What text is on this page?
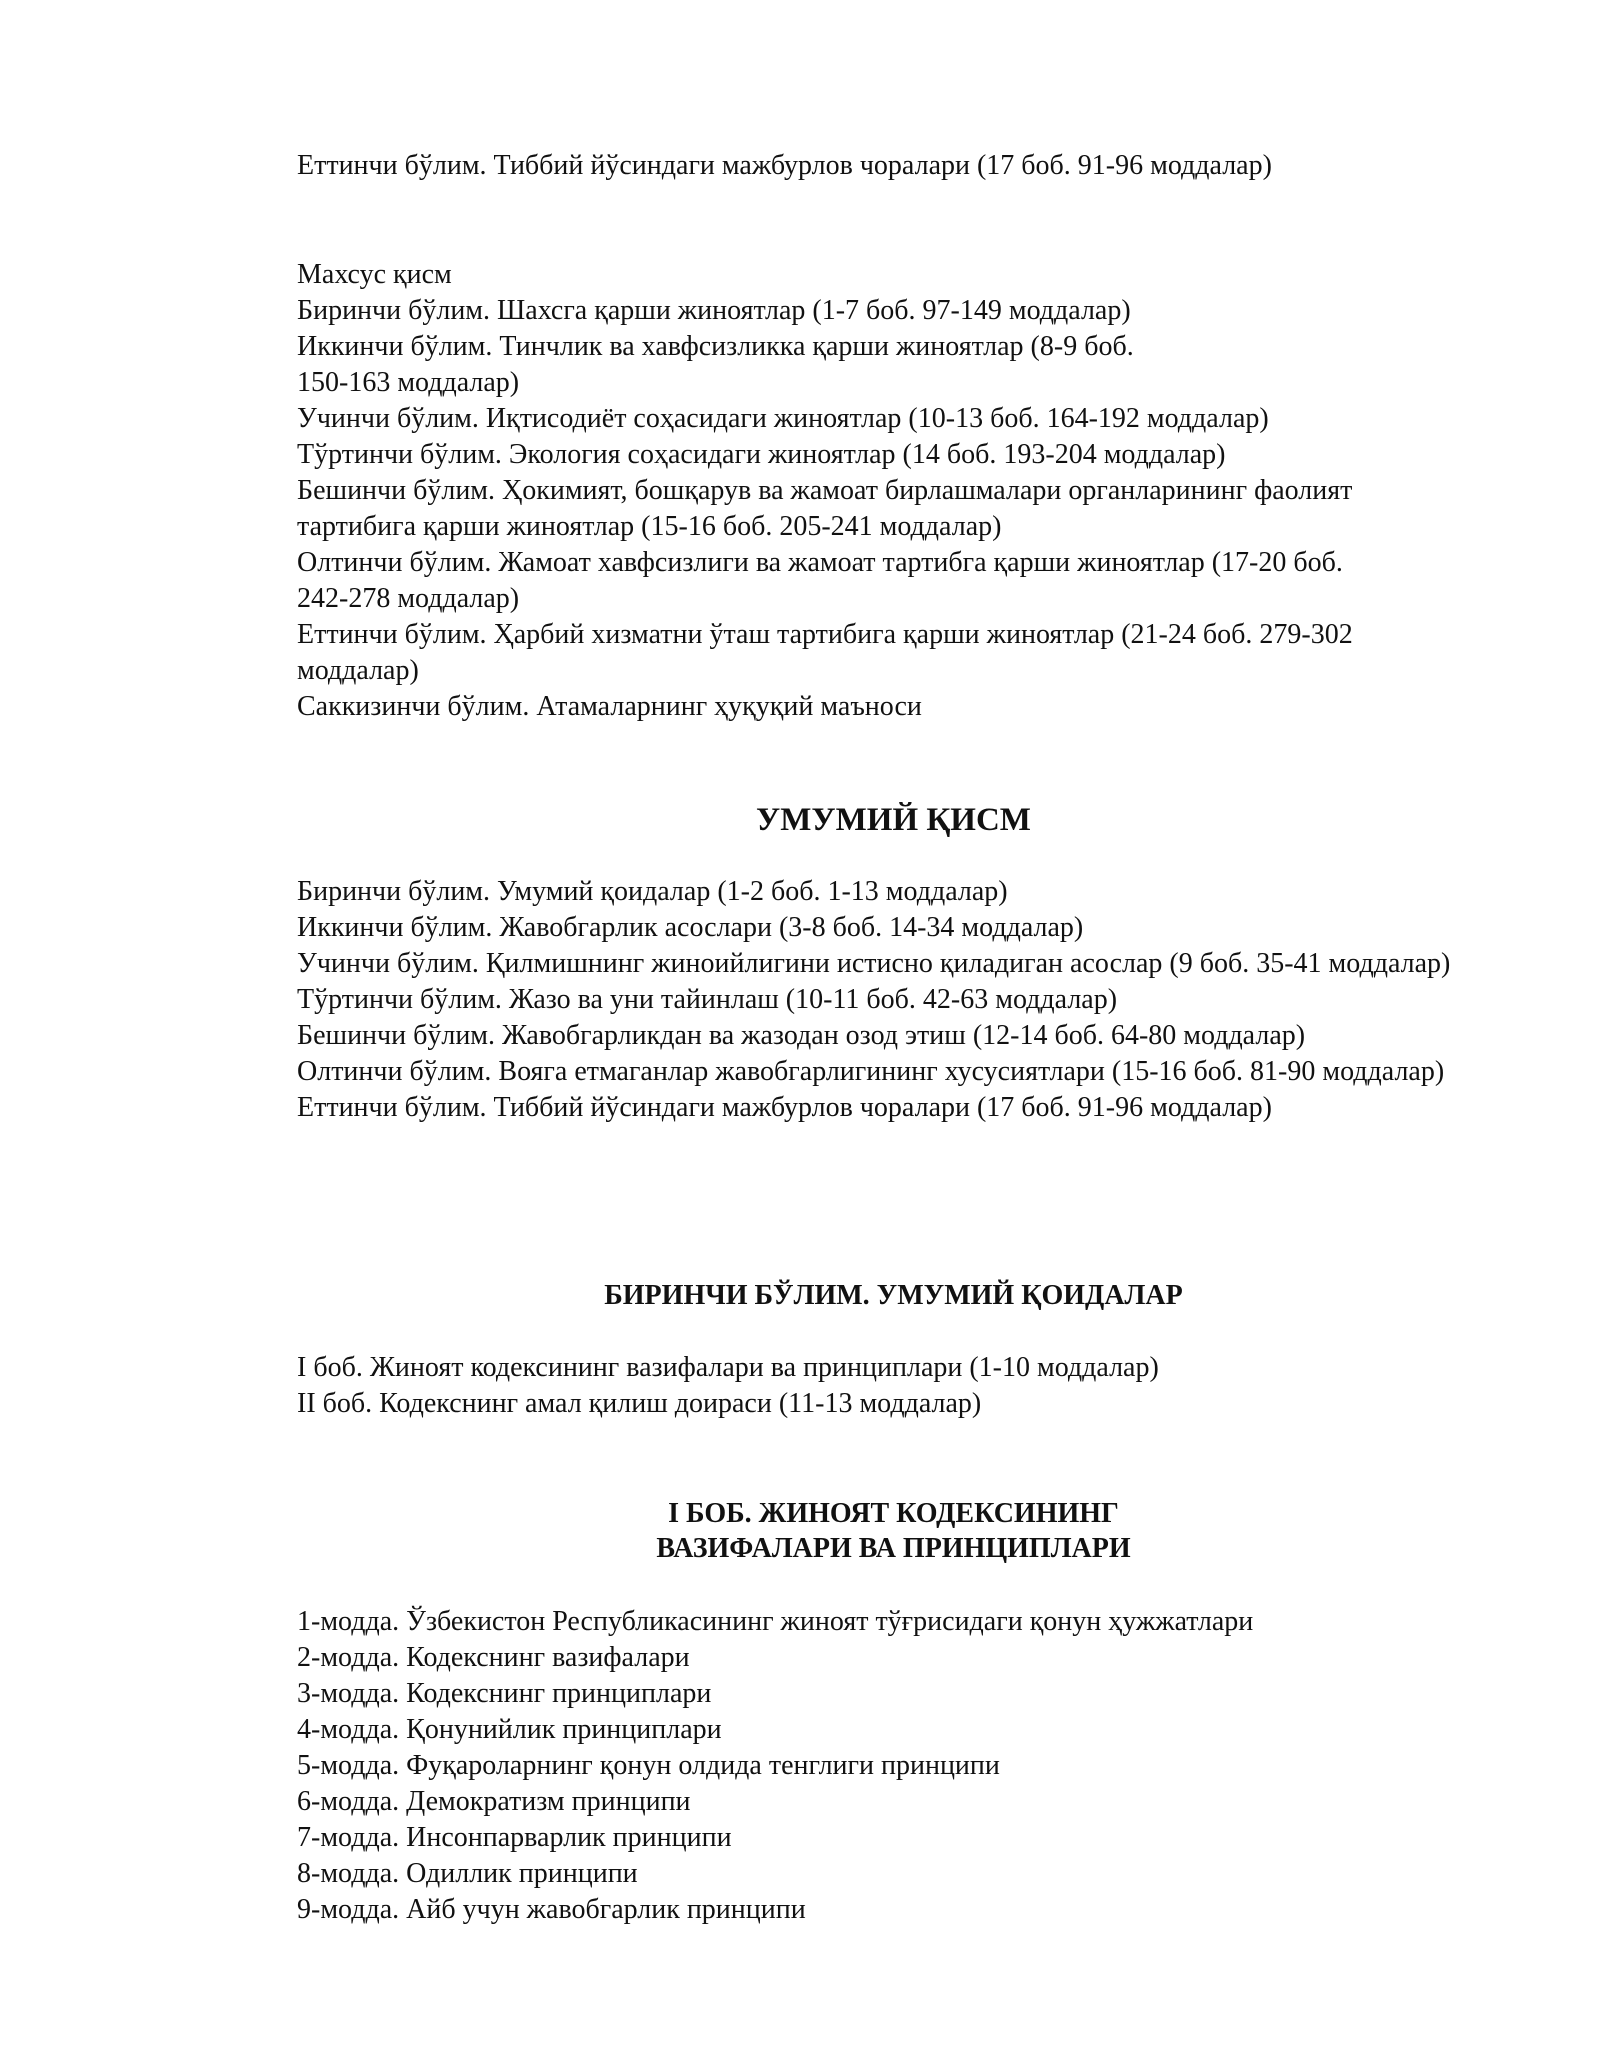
Еттинчи бўлим. Тиббий йўсиндаги мажбурлов чоралари (17 боб. 91-96 моддалар)
Махсус қисм
Биринчи бўлим. Шахсга қарши жиноятлар (1-7 боб. 97-149 моддалар)
Иккинчи бўлим. Тинчлик ва хавфсизликка қарши жиноятлар (8-9 боб.
150-163 моддалар)
Учинчи бўлим. Иқтисодиёт соҳасидаги жиноятлар (10-13 боб. 164-192 моддалар)
Тўртинчи бўлим. Экология соҳасидаги жиноятлар (14 боб. 193-204 моддалар)
Бешинчи бўлим. Ҳокимият, бошқарув ва жамоат бирлашмалари органларининг фаолият
тартибига қарши жиноятлар (15-16 боб. 205-241 моддалар)
Олтинчи бўлим. Жамоат хавфсизлиги ва жамоат тартибга қарши жиноятлар (17-20 боб.
242-278 моддалар)
Еттинчи бўлим. Ҳарбий хизматни ўташ тартибига қарши жиноятлар (21-24 боб. 279-302
моддалар)
Саккизинчи бўлим. Атамаларнинг ҳуқуқий маъноси
УМУМИЙ ҚИСМ
Биринчи бўлим. Умумий қоидалар (1-2 боб. 1-13 моддалар)
Иккинчи бўлим. Жавобгарлик асослари (3-8 боб. 14-34 моддалар)
Учинчи бўлим. Қилмишнинг жиноийлигини истисно қиладиган асослар (9 боб. 35-41 моддалар)
Тўртинчи бўлим. Жазо ва уни тайинлаш (10-11 боб. 42-63 моддалар)
Бешинчи бўлим. Жавобгарликдан ва жазодан озод этиш (12-14 боб. 64-80 моддалар)
Олтинчи бўлим. Вояга етмаганлар жавобгарлигининг хусусиятлари (15-16 боб. 81-90 моддалар)
Еттинчи бўлим. Тиббий йўсиндаги мажбурлов чоралари (17 боб. 91-96 моддалар)
БИРИНЧИ БЎЛИМ. УМУМИЙ ҚОИДАЛАР
I боб. Жиноят кодексининг вазифалари ва принциплари (1-10 моддалар)
II боб. Кодекснинг амал қилиш доираси (11-13 моддалар)
I БОБ. ЖИНОЯТ КОДЕКСИНИНГ
ВАЗИФАЛАРИ ВА ПРИНЦИПЛАРИ
1-модда. Ўзбекистон Республикасининг жиноят тўғрисидаги қонун ҳужжатлари
2-модда. Кодекснинг вазифалари
3-модда. Кодекснинг принциплари
4-модда. Қонунийлик принциплари
5-модда. Фуқароларнинг қонун олдида тенглиги принципи
6-модда. Демократизм принципи
7-модда. Инсонпарварлик принципи
8-модда. Одиллик принципи
9-модда. Айб учун жавобгарлик принципи
